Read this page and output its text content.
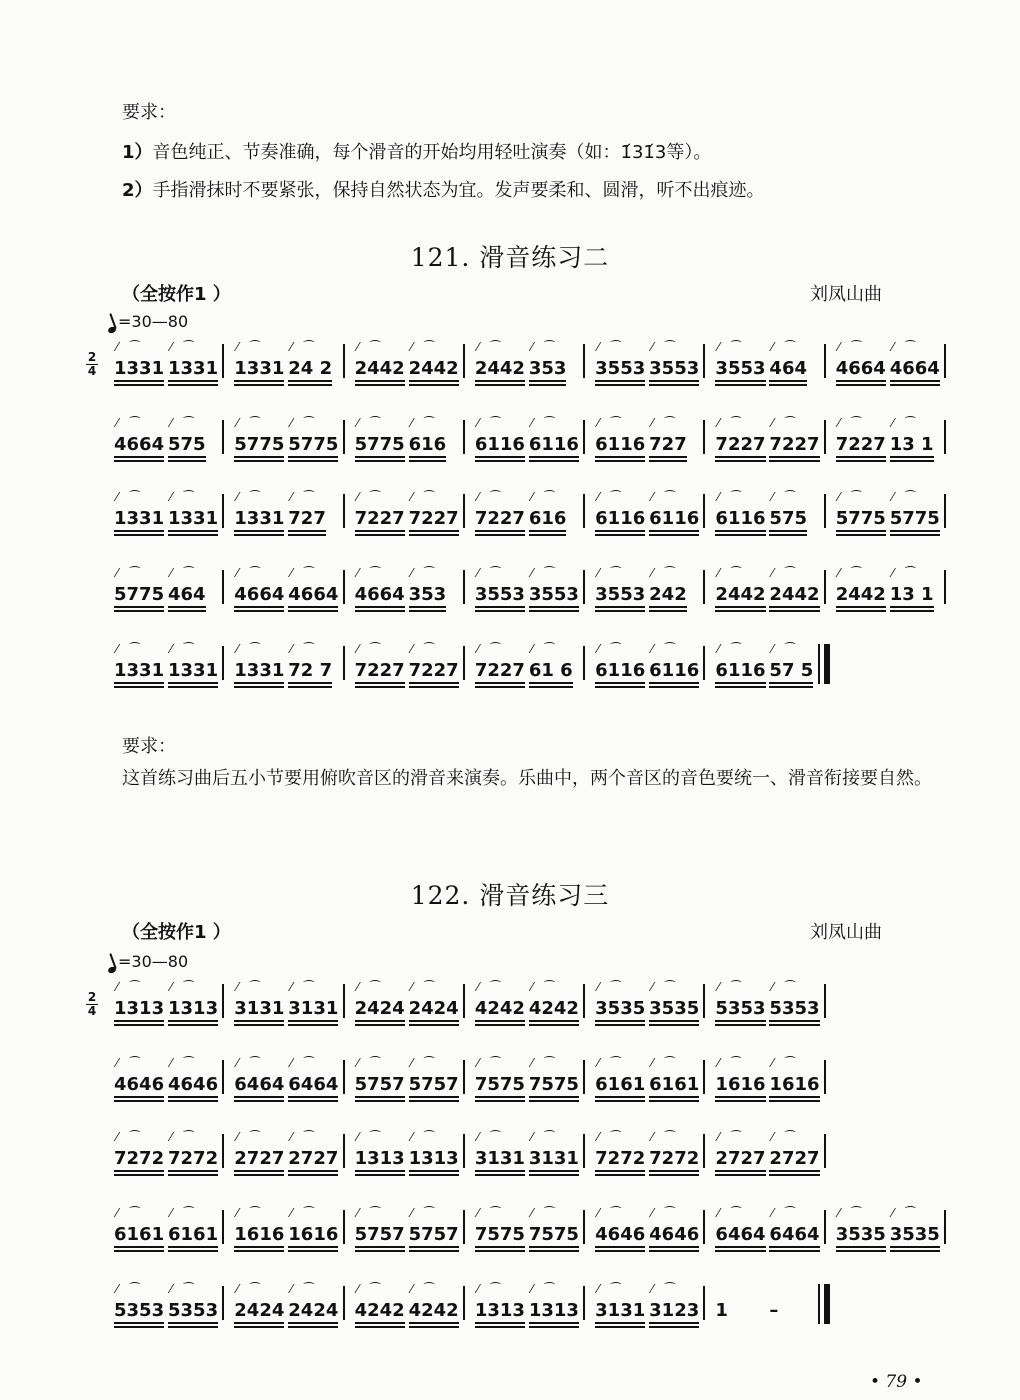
要求：
1）音色纯正、节奏准确，每个滑音的开始均用轻吐演奏（如：1́31́3等）。
2）手指滑抹时不要紧张，保持自然状态为宜。发声要柔和、圆滑，听不出痕迹。
121. 滑音练习二
（全按作1 ）	刘凤山曲
=30—80
2
4
⁄ ⁀
1331
⁄ ⁀
1331
⁄ ⁀
1331
⁄ ⁀
24 2
⁄ ⁀
2442
⁄ ⁀
2442
⁄ ⁀
2442
⁄ ⁀
353
⁄ ⁀
3553
⁄ ⁀
3553
⁄ ⁀
3553
⁄ ⁀
464
⁄ ⁀
4664
⁄ ⁀
4664
⁄ ⁀
4664
⁄ ⁀
575
⁄ ⁀
5775
⁄ ⁀
5775
⁄ ⁀
5775
⁄ ⁀
616
⁄ ⁀
6116
⁄ ⁀
6116
⁄ ⁀
6116
⁄ ⁀
727
⁄ ⁀
7227
⁄ ⁀
7227
⁄ ⁀
7227
⁄ ⁀
13 1
⁄ ⁀
1331
⁄ ⁀
1331
⁄ ⁀
1331
⁄ ⁀
727
⁄ ⁀
7227
⁄ ⁀
7227
⁄ ⁀
7227
⁄ ⁀
616
⁄ ⁀
6116
⁄ ⁀
6116
⁄ ⁀
6116
⁄ ⁀
575
⁄ ⁀
5775
⁄ ⁀
5775
⁄ ⁀
5775
⁄ ⁀
464
⁄ ⁀
4664
⁄ ⁀
4664
⁄ ⁀
4664
⁄ ⁀
353
⁄ ⁀
3553
⁄ ⁀
3553
⁄ ⁀
3553
⁄ ⁀
242
⁄ ⁀
2442
⁄ ⁀
2442
⁄ ⁀
2442
⁄ ⁀
13 1
⁄ ⁀
1331
⁄ ⁀
1331
⁄ ⁀
1331
⁄ ⁀
72 7
⁄ ⁀
7227
⁄ ⁀
7227
⁄ ⁀
7227
⁄ ⁀
61 6
⁄ ⁀
6116
⁄ ⁀
6116
⁄ ⁀
6116
⁄ ⁀
57 5
要求：
这首练习曲后五小节要用俯吹音区的滑音来演奏。乐曲中，两个音区的音色要统一、滑音衔接要自然。
122. 滑音练习三
（全按作1 ）	刘凤山曲
=30—80
2
4
⁄ ⁀
1313
⁄ ⁀
1313
⁄ ⁀
3131
⁄ ⁀
3131
⁄ ⁀
2424
⁄ ⁀
2424
⁄ ⁀
4242
⁄ ⁀
4242
⁄ ⁀
3535
⁄ ⁀
3535
⁄ ⁀
5353
⁄ ⁀
5353
⁄ ⁀
4646
⁄ ⁀
4646
⁄ ⁀
6464
⁄ ⁀
6464
⁄ ⁀
5757
⁄ ⁀
5757
⁄ ⁀
7575
⁄ ⁀
7575
⁄ ⁀
6161
⁄ ⁀
6161
⁄ ⁀
1616
⁄ ⁀
1616
⁄ ⁀
7272
⁄ ⁀
7272
⁄ ⁀
2727
⁄ ⁀
2727
⁄ ⁀
1313
⁄ ⁀
1313
⁄ ⁀
3131
⁄ ⁀
3131
⁄ ⁀
7272
⁄ ⁀
7272
⁄ ⁀
2727
⁄ ⁀
2727
⁄ ⁀
6161
⁄ ⁀
6161
⁄ ⁀
1616
⁄ ⁀
1616
⁄ ⁀
5757
⁄ ⁀
5757
⁄ ⁀
7575
⁄ ⁀
7575
⁄ ⁀
4646
⁄ ⁀
4646
⁄ ⁀
6464
⁄ ⁀
6464
⁄ ⁀
3535
⁄ ⁀
3535
⁄ ⁀
5353
⁄ ⁀
5353
⁄ ⁀
2424
⁄ ⁀
2424
⁄ ⁀
4242
⁄ ⁀
4242
⁄ ⁀
1313
⁄ ⁀
1313
⁄ ⁀
3131
⁄ ⁀
3123 1 –
• 79 •
